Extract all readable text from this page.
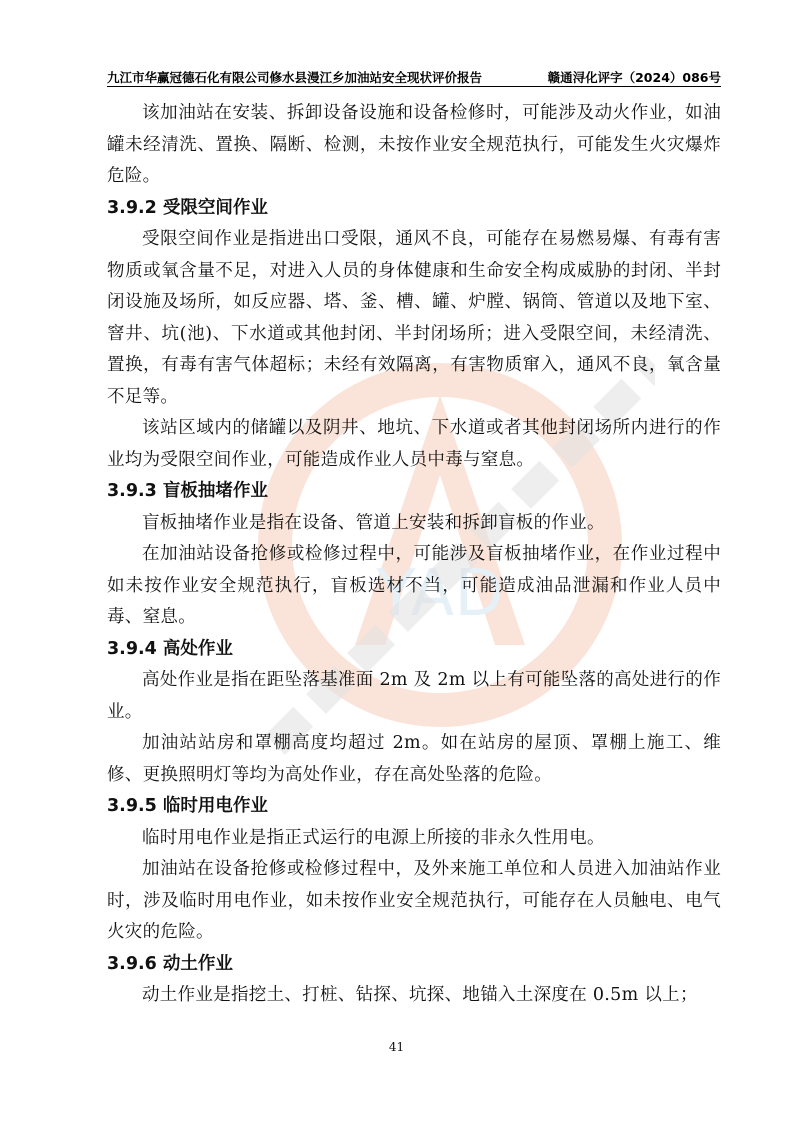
九江市华赢冠德石化有限公司修水县漫江乡加油站安全现状评价报告	赣通浔化评字（2024）086号
YAD

该加油站在安装、拆卸设备设施和设备检修时，可能涉及动火作业，如油罐未经清洗、置换、隔断、检测，未按作业安全规范执行，可能发生火灾爆炸危险。

3.9.2 受限空间作业

受限空间作业是指进出口受限，通风不良，可能存在易燃易爆、有毒有害物质或氧含量不足，对进入人员的身体健康和生命安全构成威胁的封闭、半封闭设施及场所，如反应器、塔、釜、槽、罐、炉膛、锅筒、管道以及地下室、窨井、坑(池)、下水道或其他封闭、半封闭场所；进入受限空间，未经清洗、置换，有毒有害气体超标；未经有效隔离，有害物质窜入，通风不良，氧含量不足等。

该站区域内的储罐以及阴井、地坑、下水道或者其他封闭场所内进行的作业均为受限空间作业，可能造成作业人员中毒与窒息。

3.9.3 盲板抽堵作业

盲板抽堵作业是指在设备、管道上安装和拆卸盲板的作业。

在加油站设备抢修或检修过程中，可能涉及盲板抽堵作业，在作业过程中如未按作业安全规范执行，盲板选材不当，可能造成油品泄漏和作业人员中毒、窒息。

3.9.4 高处作业

高处作业是指在距坠落基准面 2m 及 2m 以上有可能坠落的高处进行的作业。

加油站站房和罩棚高度均超过 2m。如在站房的屋顶、罩棚上施工、维修、更换照明灯等均为高处作业，存在高处坠落的危险。

3.9.5 临时用电作业

临时用电作业是指正式运行的电源上所接的非永久性用电。

加油站在设备抢修或检修过程中，及外来施工单位和人员进入加油站作业时，涉及临时用电作业，如未按作业安全规范执行，可能存在人员触电、电气火灾的危险。

3.9.6 动土作业

动土作业是指挖土、打桩、钻探、坑探、地锚入土深度在 0.5m 以上；

41
